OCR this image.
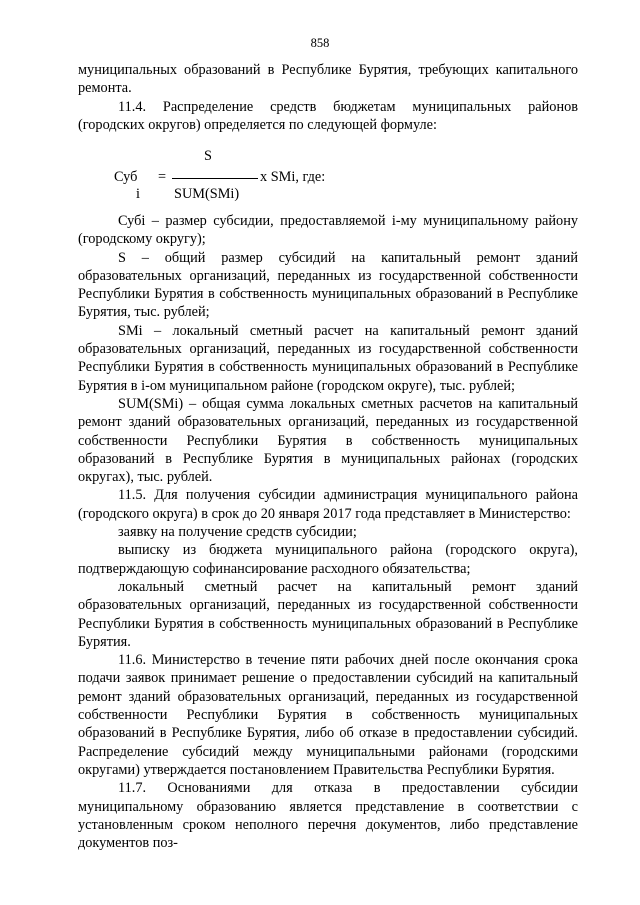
858

муниципальных образований в Республике Бурятия, требующих капитального ремонта.

11.4. Распределение средств бюджетам муниципальных районов (городских округов) определяется по следующей формуле:

S
Суб =	x SMi, где:
i SUM(SMi)

Субi – размер субсидии, предоставляемой i-му муниципальному району (городскому округу);

S – общий размер субсидий на капитальный ремонт зданий образовательных организаций, переданных из государственной собственности Республики Бурятия в собственность муниципальных образований в Республике Бурятия, тыс. рублей;

SMi – локальный сметный расчет на капитальный ремонт зданий образовательных организаций, переданных из государственной собственности Республики Бурятия в собственность муниципальных образований в Республике Бурятия в i-ом муниципальном районе (городском округе), тыс. рублей;

SUM(SMi) – общая сумма локальных сметных расчетов на капитальный ремонт зданий образовательных организаций, переданных из государственной собственности Республики Бурятия в собственность муниципальных образований в Республике Бурятия в муниципальных районах (городских округах), тыс. рублей.

11.5. Для получения субсидии администрация муниципального района (городского округа) в срок до 20 января 2017 года представляет в Министерство:

заявку на получение средств субсидии;

выписку из бюджета муниципального района (городского округа), подтверждающую софинансирование расходного обязательства;

локальный сметный расчет на капитальный ремонт зданий образовательных организаций, переданных из государственной собственности Республики Бурятия в собственность муниципальных образований в Республике Бурятия.

11.6. Министерство в течение пяти рабочих дней после окончания срока подачи заявок принимает решение о предоставлении субсидий на капитальный ремонт зданий образовательных организаций, переданных из государственной собственности Республики Бурятия в собственность муниципальных образований в Республике Бурятия, либо об отказе в предоставлении субсидий. Распределение субсидий между муниципальными районами (городскими округами) утверждается постановлением Правительства Республики Бурятия.

11.7. Основаниями для отказа в предоставлении субсидии муниципальному образованию является представление в соответствии с установленным сроком неполного перечня документов, либо представление документов поз-
